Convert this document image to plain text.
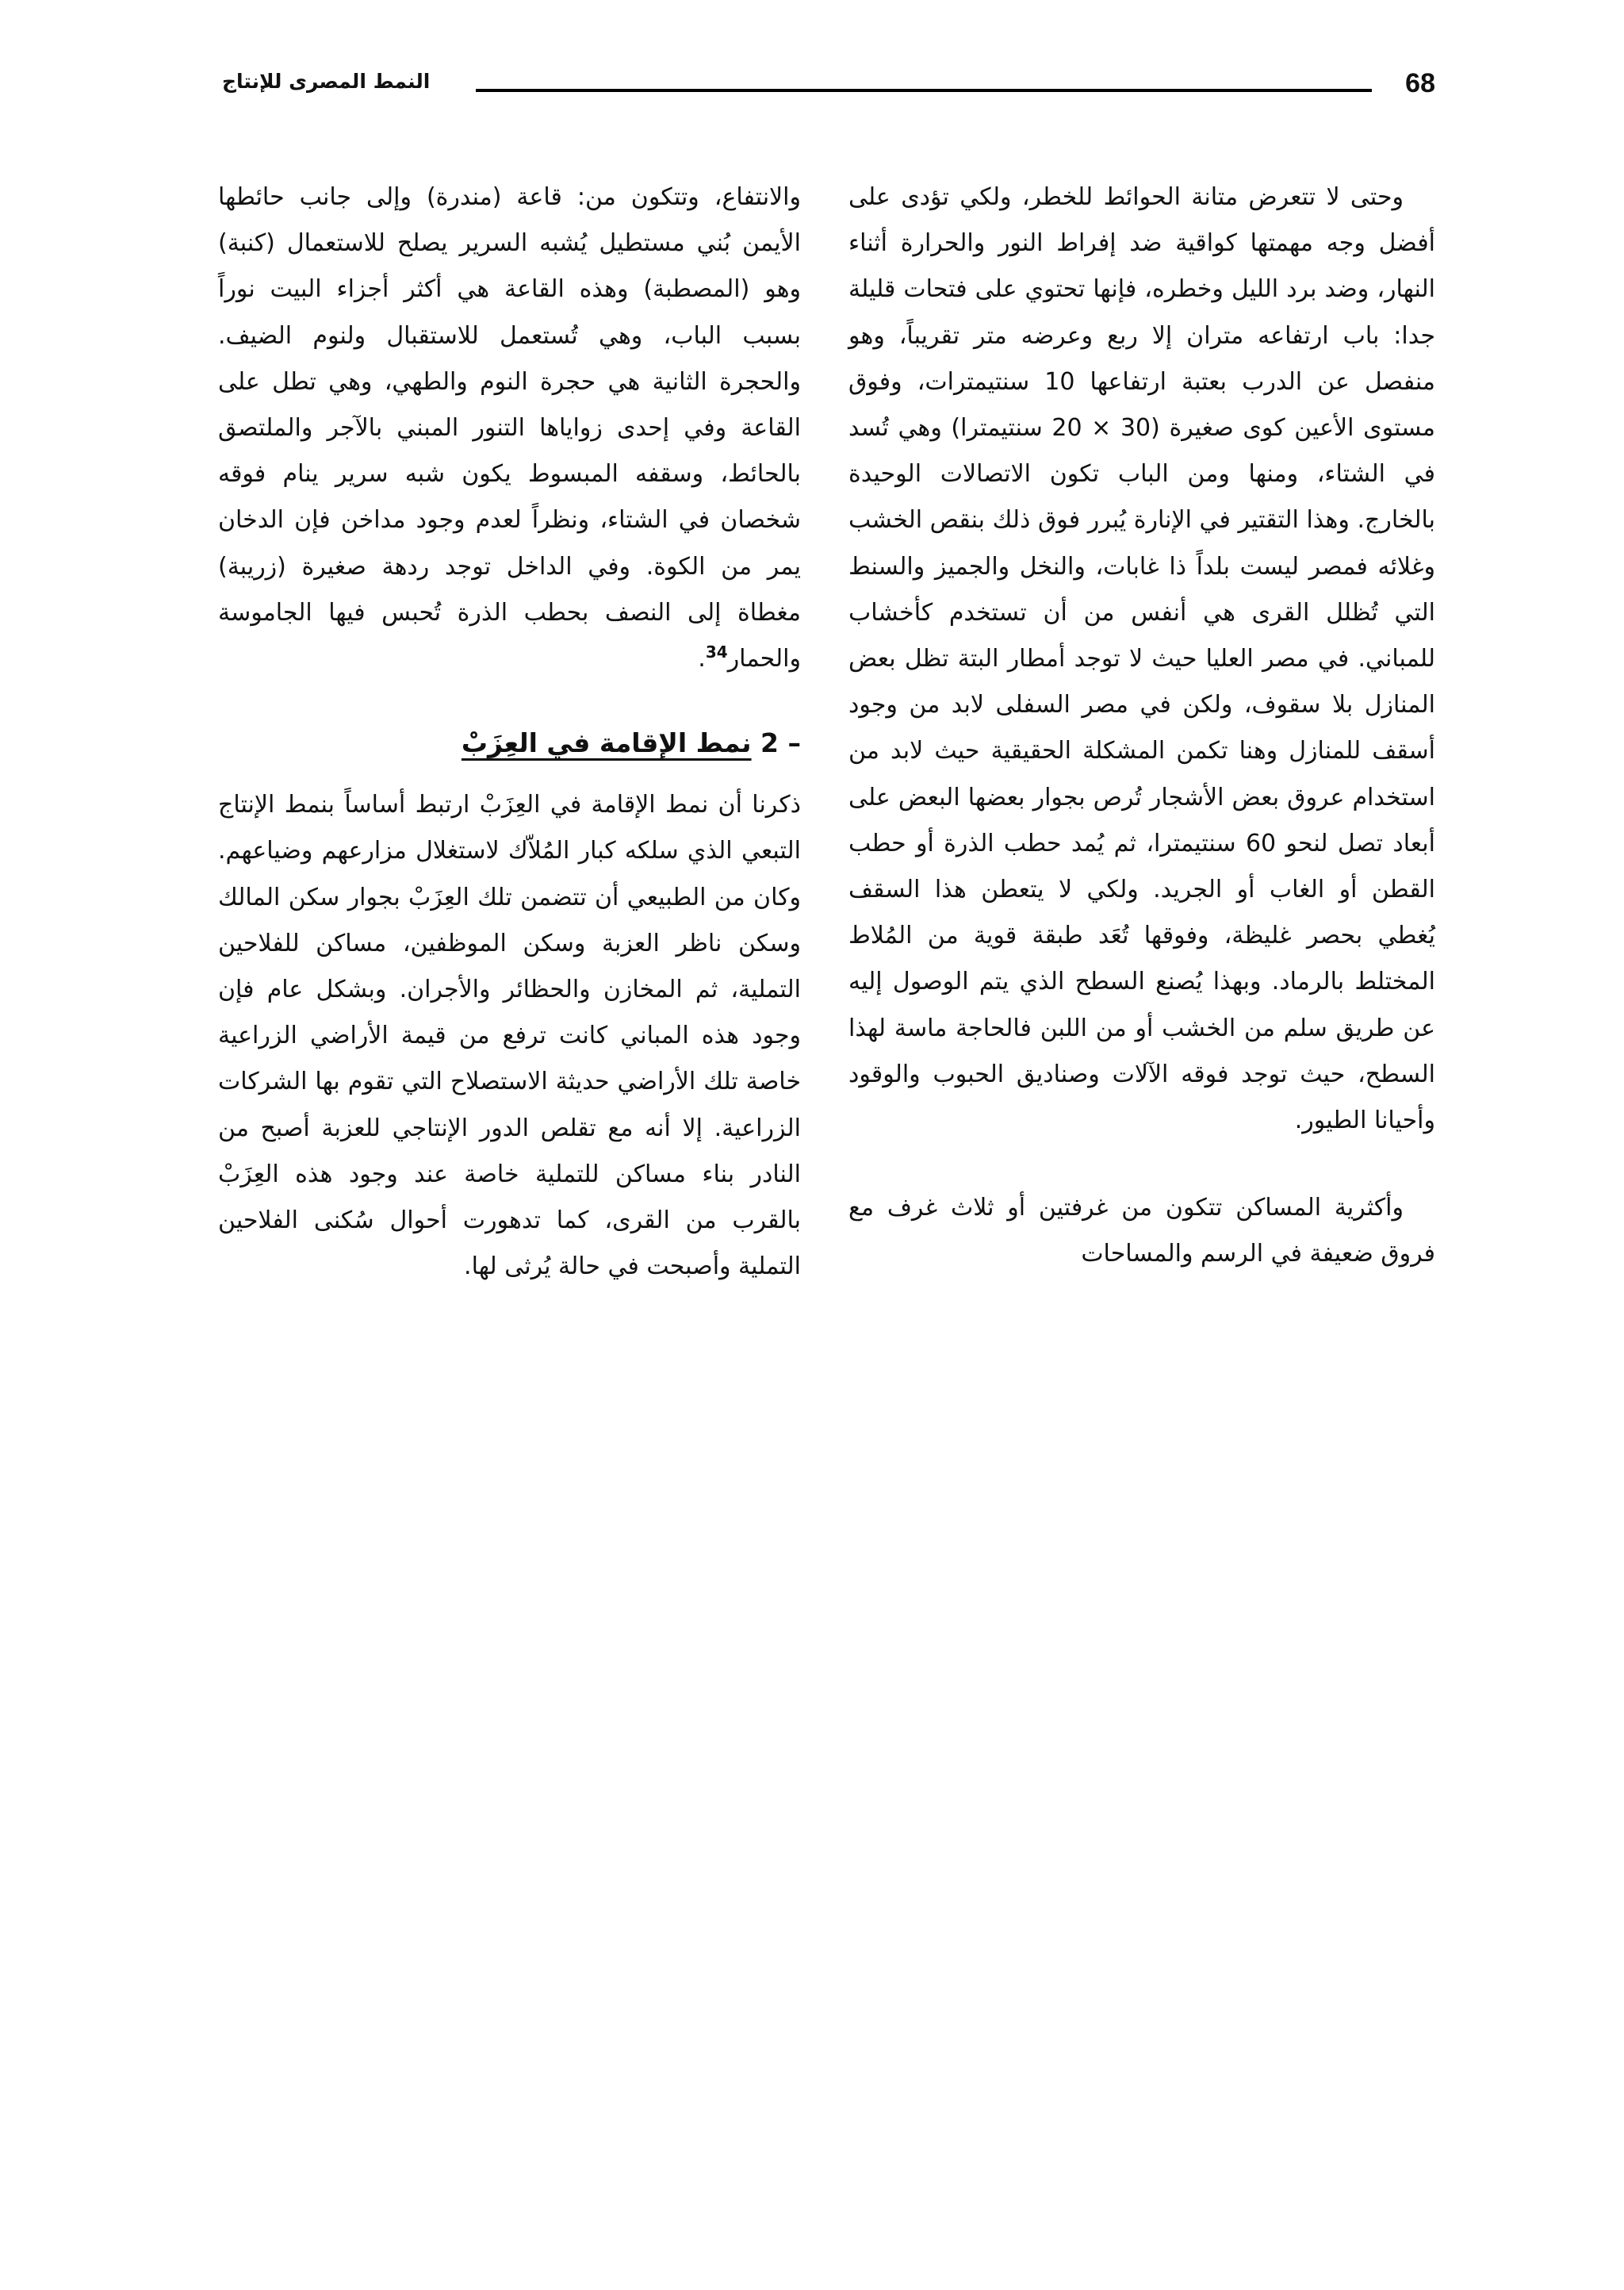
68
النمط المصرى للإنتاج

وحتى لا تتعرض متانة الحوائط للخطر، ولكي تؤدى على أفضل وجه مهمتها كواقية ضد إفراط النور والحرارة أثناء النهار، وضد برد الليل وخطره، فإنها تحتوي على فتحات قليلة جدا: باب ارتفاعه متران إلا ربع وعرضه متر تقريباً، وهو منفصل عن الدرب بعتبة ارتفاعها 10 سنتيمترات، وفوق مستوى الأعين كوى صغيرة (30 × 20 سنتيمترا) وهي تُسد في الشتاء، ومنها ومن الباب تكون الاتصالات الوحيدة بالخارج. وهذا التقتير في الإنارة يُبرر فوق ذلك بنقص الخشب وغلائه فمصر ليست بلداً ذا غابات، والنخل والجميز والسنط التي تُظلل القرى هي أنفس من أن تستخدم كأخشاب للمباني. في مصر العليا حيث لا توجد أمطار البتة تظل بعض المنازل بلا سقوف، ولكن في مصر السفلى لابد من وجود أسقف للمنازل وهنا تكمن المشكلة الحقيقية حيث لابد من استخدام عروق بعض الأشجار تُرص بجوار بعضها البعض على أبعاد تصل لنحو 60 سنتيمترا، ثم يُمد حطب الذرة أو حطب القطن أو الغاب أو الجريد. ولكي لا يتعطن هذا السقف يُغطي بحصر غليظة، وفوقها تُعَد طبقة قوية من المُلاط المختلط بالرماد. وبهذا يُصنع السطح الذي يتم الوصول إليه عن طريق سلم من الخشب أو من اللبن فالحاجة ماسة لهذا السطح، حيث توجد فوقه الآلات وصناديق الحبوب والوقود وأحيانا الطيور.

وأكثرية المساكن تتكون من غرفتين أو ثلاث غرف مع فروق ضعيفة في الرسم والمساحات

والانتفاع، وتتكون من: قاعة (مندرة) وإلى جانب حائطها الأيمن بُني مستطيل يُشبه السرير يصلح للاستعمال (كنبة) وهو (المصطبة) وهذه القاعة هي أكثر أجزاء البيت نوراً بسبب الباب، وهي تُستعمل للاستقبال ولنوم الضيف. والحجرة الثانية هي حجرة النوم والطهي، وهي تطل على القاعة وفي إحدى زواياها التنور المبني بالآجر والملتصق بالحائط، وسقفه المبسوط يكون شبه سرير ينام فوقه شخصان في الشتاء، ونظراً لعدم وجود مداخن فإن الدخان يمر من الكوة. وفي الداخل توجد ردهة صغيرة (زريبة) مغطاة إلى النصف بحطب الذرة تُحبس فيها الجاموسة والحمار$^{34}$.

2 – نمط الإقامة في العِزَبْ

ذكرنا أن نمط الإقامة في العِزَبْ ارتبط أساساً بنمط الإنتاج التبعي الذي سلكه كبار المُلاّك لاستغلال مزارعهم وضياعهم. وكان من الطبيعي أن تتضمن تلك العِزَبْ بجوار سكن المالك وسكن ناظر العزبة وسكن الموظفين، مساكن للفلاحين التملية، ثم المخازن والحظائر والأجران. وبشكل عام فإن وجود هذه المباني كانت ترفع من قيمة الأراضي الزراعية خاصة تلك الأراضي حديثة الاستصلاح التي تقوم بها الشركات الزراعية. إلا أنه مع تقلص الدور الإنتاجي للعزبة أصبح من النادر بناء مساكن للتملية خاصة عند وجود هذه العِزَبْ بالقرب من القرى، كما تدهورت أحوال سُكنى الفلاحين التملية وأصبحت في حالة يُرثى لها.
